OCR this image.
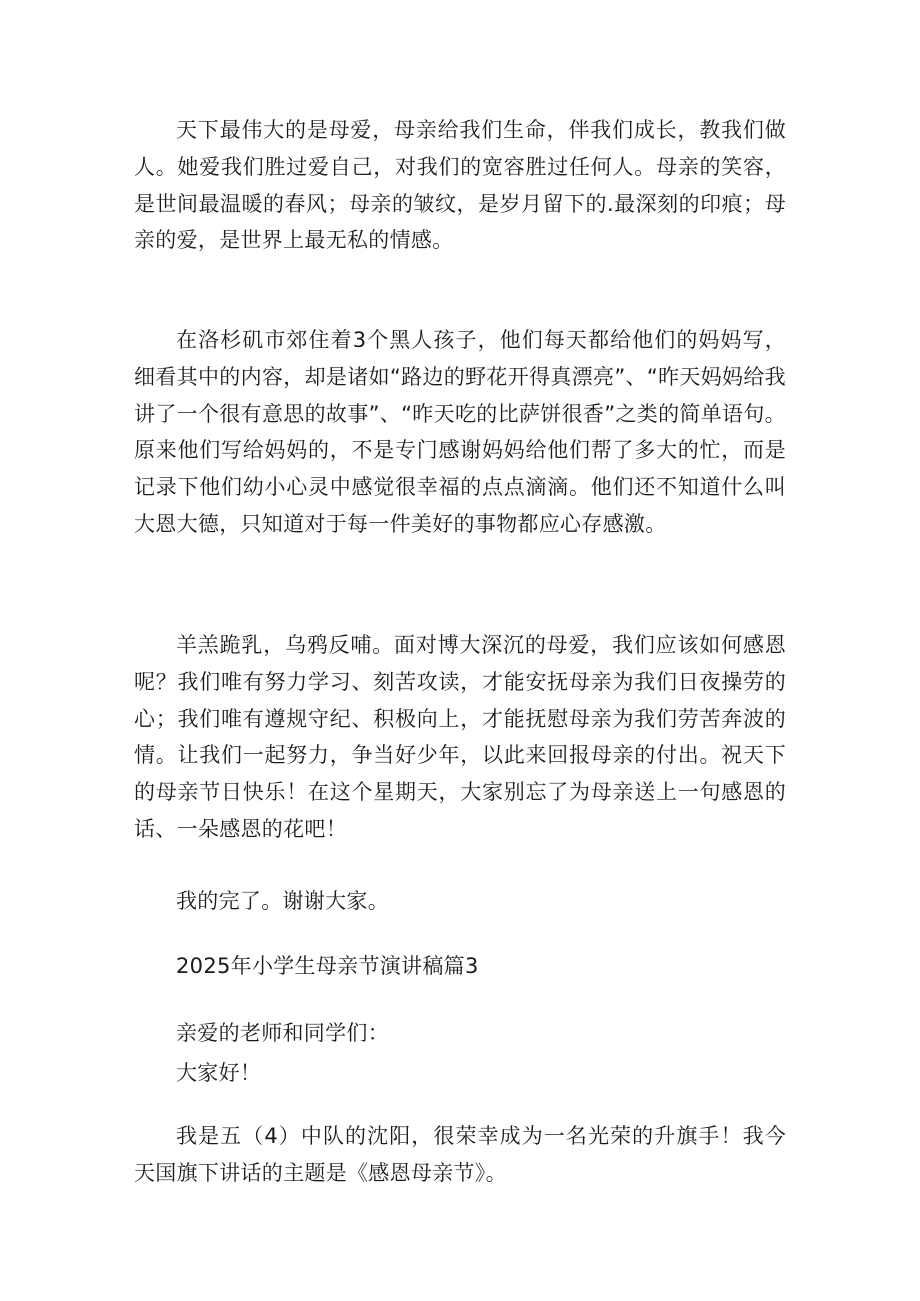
天下最伟大的是母爱，母亲给我们生命，伴我们成长，教我们做人。她爱我们胜过爱自己，对我们的宽容胜过任何人。母亲的笑容，是世间最温暖的春风；母亲的皱纹，是岁月留下的.最深刻的印痕；母亲的爱，是世界上最无私的情感。

在洛杉矶市郊住着3个黑人孩子，他们每天都给他们的妈妈写，细看其中的内容，却是诸如“路边的野花开得真漂亮”、“昨天妈妈给我讲了一个很有意思的故事”、“昨天吃的比萨饼很香”之类的简单语句。原来他们写给妈妈的，不是专门感谢妈妈给他们帮了多大的忙，而是记录下他们幼小心灵中感觉很幸福的点点滴滴。他们还不知道什么叫大恩大德，只知道对于每一件美好的事物都应心存感激。

羊羔跪乳，乌鸦反哺。面对博大深沉的母爱，我们应该如何感恩呢？我们唯有努力学习、刻苦攻读，才能安抚母亲为我们日夜操劳的心；我们唯有遵规守纪、积极向上，才能抚慰母亲为我们劳苦奔波的情。让我们一起努力，争当好少年，以此来回报母亲的付出。祝天下的母亲节日快乐！在这个星期天，大家别忘了为母亲送上一句感恩的话、一朵感恩的花吧！

我的完了。谢谢大家。

2025年小学生母亲节演讲稿篇3

亲爱的老师和同学们：

大家好！

我是五（4）中队的沈阳，很荣幸成为一名光荣的升旗手！我今天国旗下讲话的主题是《感恩母亲节》。
